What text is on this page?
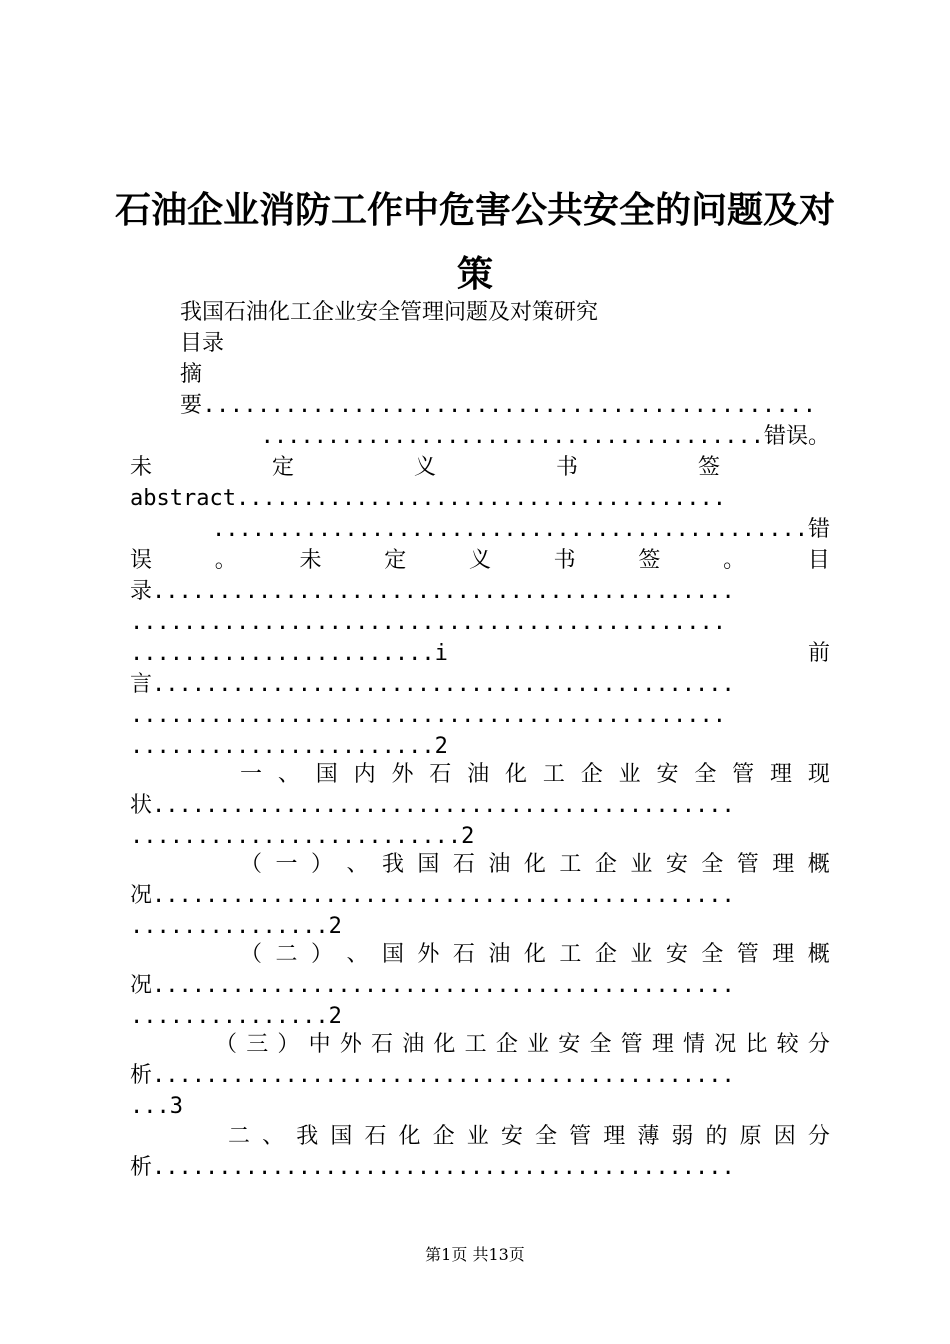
石油企业消防工作中危害公共安全的问题及对策
我国石油化工企业安全管理问题及对策研究
目录
摘
要.............................................
......................................错误。
未	定	义	书	签
abstract.....................................
.............................................错
误	。	未	定	义	书	签	。	目
录............................................
.............................................
.......................i	前
言............................................
.............................................
.......................2
一 、 国 内 外 石 油 化 工 企 业 安 全 管 理 现
状............................................
.........................2
（ 一 ） 、 我 国 石 油 化 工 企 业 安 全 管 理 概
况............................................
...............2
（ 二 ） 、 国 外 石 油 化 工 企 业 安 全 管 理 概
况............................................
...............2
（ 三 ） 中 外 石 油 化 工 企 业 安 全 管 理 情 况 比 较 分
析............................................
...3
二 、 我 国 石 化 企 业 安 全 管 理 薄 弱 的 原 因 分
析............................................
第1页 共13页
